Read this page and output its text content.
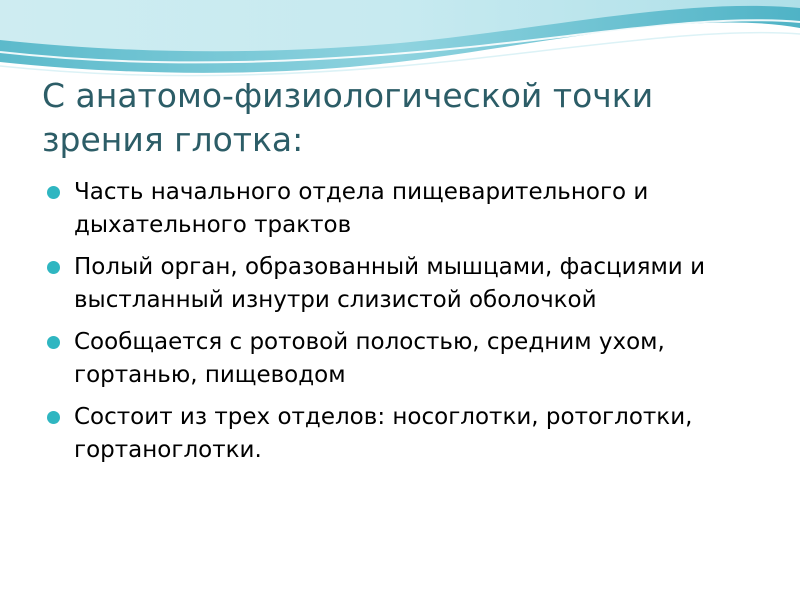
С анатомо-физиологической точки зрения глотка:
Часть начального отдела пищеварительного и дыхательного трактов
Полый орган, образованный мышцами, фасциями и выстланный изнутри слизистой оболочкой
Сообщается с ротовой полостью, средним ухом, гортанью, пищеводом
Состоит из трех отделов: носоглотки, ротоглотки, гортаноглотки.
